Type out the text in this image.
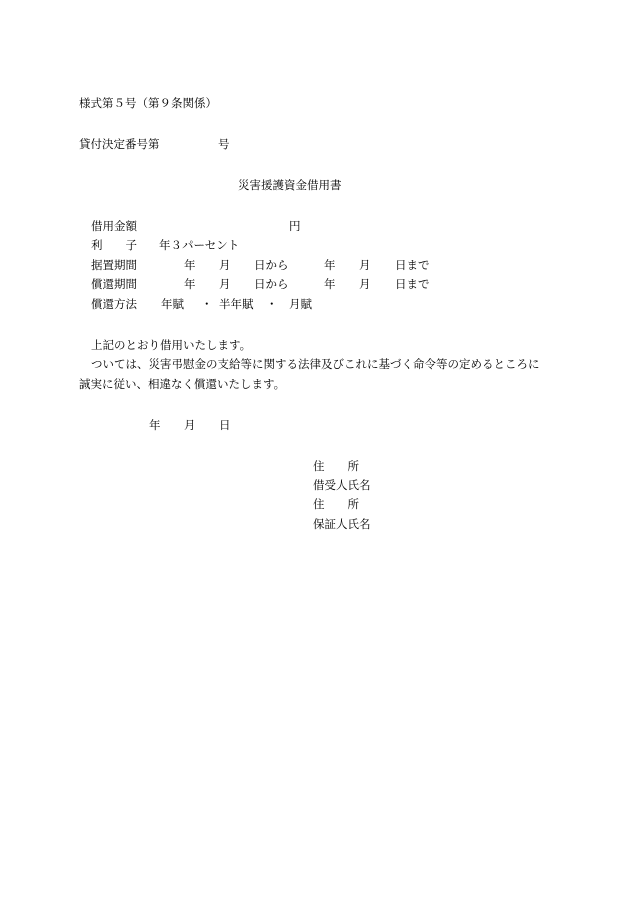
様式第５号（第９条関係）
貸付決定番号第	号
災害援護資金借用書
借用金額	円
利　　子 年３パーセント
据置期間	年 月 日から	年 月 日まで
償還期間	年 月 日から	年 月 日まで
償還方法 年賦 ・ 半年賦 ・ 月賦
上記のとおり借用いたします。
ついては、災害弔慰金の支給等に関する法律及びこれに基づく命令等の定めるところに
誠実に従い、相違なく償還いたします。
年 月 日
住　　所
借受人氏名
住　　所
保証人氏名
